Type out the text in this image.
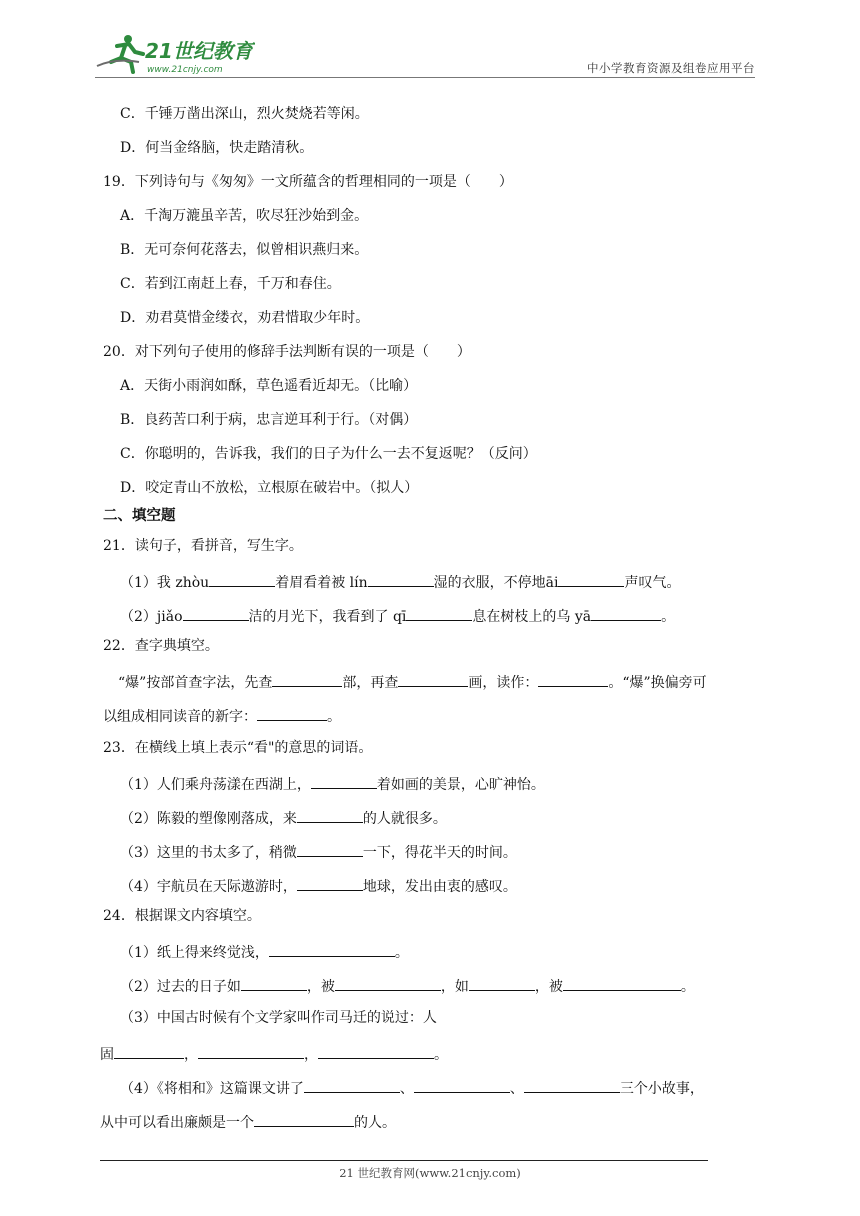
21世纪教育
www.21cnjy.com	中小学教育资源及组卷应用平台
C．千锤万凿出深山，烈火焚烧若等闲。
D．何当金络脑，快走踏清秋。
19．下列诗句与《匆匆》一文所蕴含的哲理相同的一项是（　　）
A．千淘万漉虽辛苦，吹尽狂沙始到金。
B．无可奈何花落去，似曾相识燕归来。
C．若到江南赶上春，千万和春住。
D．劝君莫惜金缕衣，劝君惜取少年时。
20．对下列句子使用的修辞手法判断有误的一项是（　　）
A．天街小雨润如酥，草色遥看近却无。（比喻）
B．良药苦口利于病，忠言逆耳利于行。（对偶）
C．你聪明的，告诉我，我们的日子为什么一去不复返呢？（反问）
D．咬定青山不放松，立根原在破岩中。（拟人）
二、填空题
21．读句子，看拼音，写生字。
（1）我 zhòu	着眉看着被 lín	湿的衣服，不停地āi	声叹气。
（2）jiǎo	洁的月光下，我看到了 qī	息在树枝上的乌 yā	。
22．查字典填空。
“爆”按部首查字法，先查	部，再查	画，读作：	。“爆”换偏旁可
以组成相同读音的新字：	。
23．在横线上填上表示“看"的意思的词语。
（1）人们乘舟荡漾在西湖上，	着如画的美景，心旷神怡。
（2）陈毅的塑像刚落成，来	的人就很多。
（3）这里的书太多了，稍微	一下，得花半天的时间。
（4）宇航员在天际遨游时，	地球，发出由衷的感叹。
24．根据课文内容填空。
（1）纸上得来终觉浅，	。
（2）过去的日子如	，被	，如	，被	。
（3）中国古时候有个文学家叫作司马迁的说过：人
固	，	，	。
（4）《将相和》这篇课文讲了	、	、	三个小故事，
从中可以看出廉颇是一个	的人。
21 世纪教育网(www.21cnjy.com)
